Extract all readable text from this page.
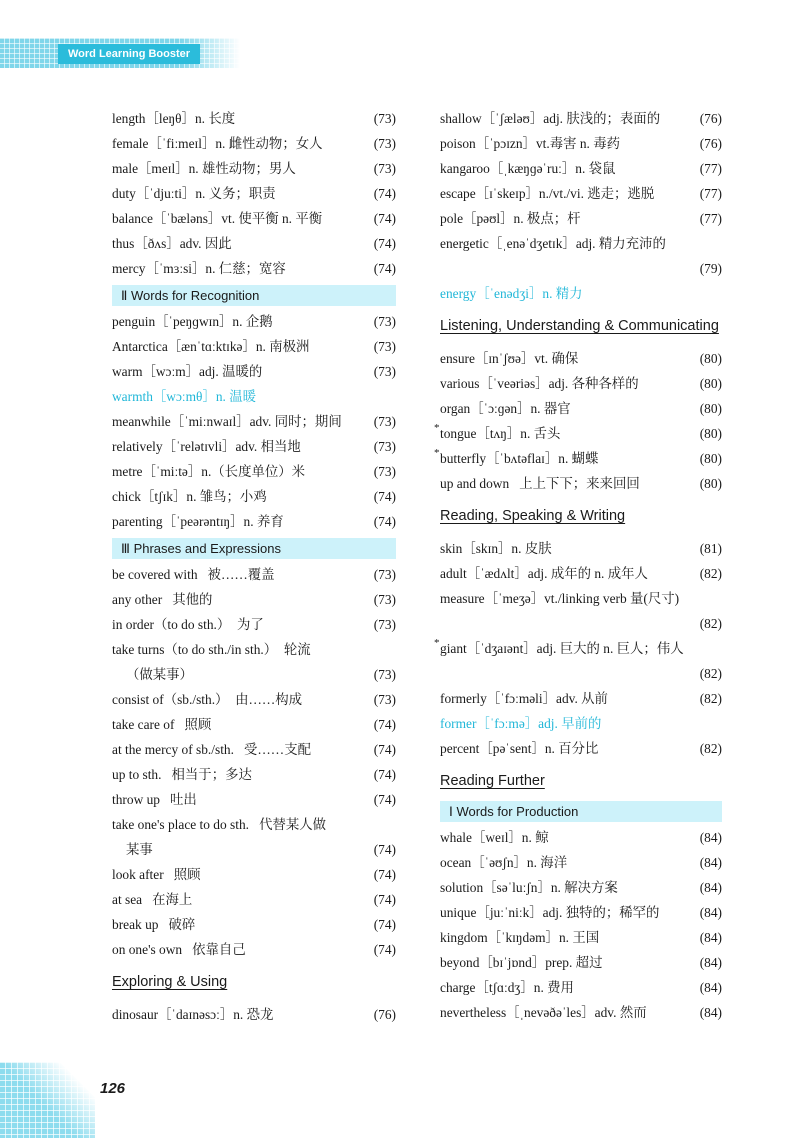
Word Learning Booster
length［leŋθ］n. 长度	(73)
female［ˈfiːmeɪl］n. 雌性动物；女人	(73)
male［meɪl］n. 雄性动物；男人	(73)
duty［ˈdjuːti］n. 义务；职责	(74)
balance［ˈbæləns］vt. 使平衡 n. 平衡	(74)
thus［ðʌs］adv. 因此	(74)
mercy［ˈmɜːsi］n. 仁慈；宽容	(74)
Ⅱ Words for Recognition
penguin［ˈpeŋɡwɪn］n. 企鹅	(73)
Antarctica［ænˈtɑːktɪkə］n. 南极洲	(73)
warm［wɔːm］adj. 温暖的	(73)
warmth［wɔːmθ］n. 温暖
meanwhile［ˈmiːnwaɪl］adv. 同时；期间	(73)
relatively［ˈrelətɪvli］adv. 相当地	(73)
metre［ˈmiːtə］n.（长度单位）米	(73)
chick［tʃɪk］n. 雏鸟；小鸡	(74)
parenting［ˈpeərəntɪŋ］n. 养育	(74)
Ⅲ Phrases and Expressions
be covered with   被……覆盖	(73)
any other   其他的	(73)
in order（to do sth.）  为了	(73)
take turns（to do sth./in sth.）  轮流
（做某事）	(73)
consist of（sb./sth.）  由……构成	(73)
take care of   照顾	(74)
at the mercy of sb./sth.   受……支配	(74)
up to sth.   相当于；多达	(74)
throw up   吐出	(74)
take one's place to do sth.   代替某人做
某事	(74)
look after   照顾	(74)
at sea   在海上	(74)
break up   破碎	(74)
on one's own   依靠自己	(74)
Exploring & Using
dinosaur［ˈdaɪnəsɔː］n. 恐龙	(76)
shallow［ˈʃæləʊ］adj. 肤浅的；表面的	(76)
poison［ˈpɔɪzn］vt.毒害 n. 毒药	(76)
kangaroo［ˌkæŋɡəˈruː］n. 袋鼠	(77)
escape［ɪˈskeɪp］n./vt./vi. 逃走；逃脱	(77)
pole［pəʊl］n. 极点；杆	(77)
energetic［ˌenəˈdʒetɪk］adj. 精力充沛的
(79)
energy［ˈenədʒi］n. 精力
Listening, Understanding & Communicating
ensure［ɪnˈʃʊə］vt. 确保	(80)
various［ˈveəriəs］adj. 各种各样的	(80)
organ［ˈɔːɡən］n. 器官	(80)
* tongue［tʌŋ］n. 舌头	(80)
* butterfly［ˈbʌtəflaɪ］n. 蝴蝶	(80)
up and down   上上下下；来来回回	(80)
Reading, Speaking & Writing
skin［skɪn］n. 皮肤	(81)
adult［ˈædʌlt］adj. 成年的 n. 成年人	(82)
measure［ˈmeʒə］vt./linking verb 量(尺寸)
(82)
* giant［ˈdʒaɪənt］adj. 巨大的 n. 巨人；伟人
(82)
formerly［ˈfɔːməli］adv. 从前	(82)
former［ˈfɔːmə］adj. 早前的
percent［pəˈsent］n. 百分比	(82)
Reading Further
Ⅰ Words for Production
whale［weɪl］n. 鲸	(84)
ocean［ˈəʊʃn］n. 海洋	(84)
solution［səˈluːʃn］n. 解决方案	(84)
unique［juːˈniːk］adj. 独特的；稀罕的	(84)
kingdom［ˈkɪŋdəm］n. 王国	(84)
beyond［bɪˈjɒnd］prep. 超过	(84)
charge［tʃɑːdʒ］n. 费用	(84)
nevertheless［ˌnevəðəˈles］adv. 然而	(84)
126
